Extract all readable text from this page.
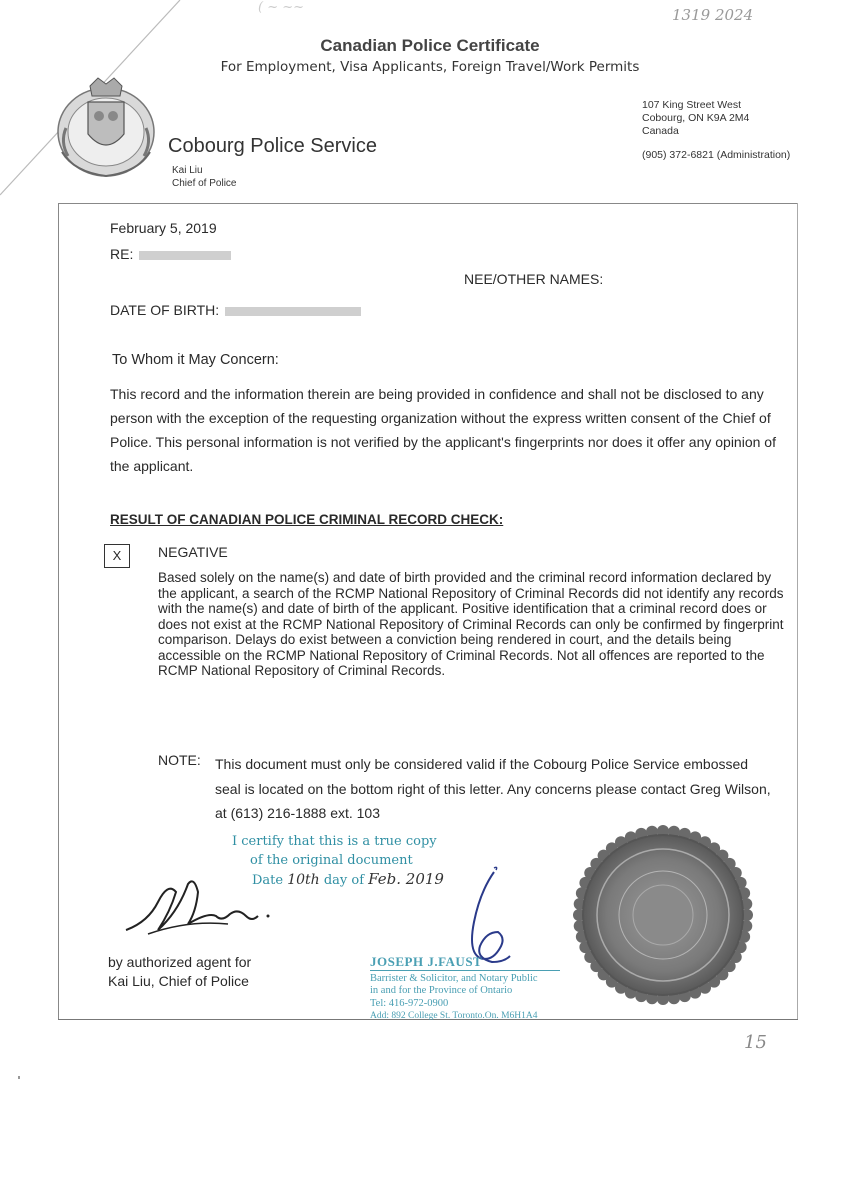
( ~ ~~	1319 2024
Canadian Police Certificate
For Employment, Visa Applicants, Foreign Travel/Work Permits
Cobourg Police Service
Kai Liu
Chief of Police
107 King Street West
Cobourg, ON K9A 2M4
Canada
(905) 372-6821 (Administration)
February 5, 2019
RE:
NEE/OTHER NAMES:
DATE OF BIRTH:
To Whom it May Concern:
This record and the information therein are being provided in confidence and shall not be disclosed to any person with the exception of the requesting organization without the express written consent of the Chief of Police. This personal information is not verified by the applicant's fingerprints nor does it offer any opinion of the applicant.
RESULT OF CANADIAN POLICE CRIMINAL RECORD CHECK:
X	NEGATIVE
Based solely on the name(s) and date of birth provided and the criminal record information declared by the applicant, a search of the RCMP National Repository of Criminal Records did not identify any records with the name(s) and date of birth of the applicant. Positive identification that a criminal record does or does not exist at the RCMP National Repository of Criminal Records can only be confirmed by fingerprint comparison. Delays do exist between a conviction being rendered in court, and the details being accessible on the RCMP National Repository of Criminal Records. Not all offences are reported to the RCMP National Repository of Criminal Records.
NOTE: This document must only be considered valid if the Cobourg Police Service embossed seal is located on the bottom right of this letter. Any concerns please contact Greg Wilson, at (613) 216-1888 ext. 103
I certify that this is a true copy
of the original document
Date 10th day of Feb. 2019
by authorized agent for
Kai Liu, Chief of Police
JOSEPH J.FAUST
Barrister & Solicitor, and Notary Public
in and for the Province of Ontario
Tel: 416-972-0900
Add: 892 College St. Toronto.On. M6H1A4
15
